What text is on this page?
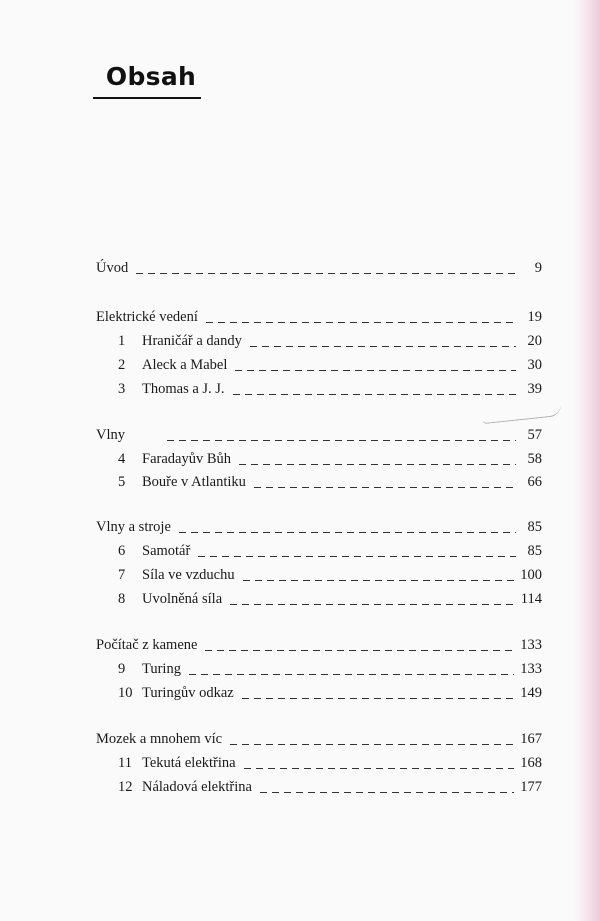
Obsah
Úvod	9
Elektrické vedení	19
1	Hraničář a dandy	20
2	Aleck a Mabel	30
3	Thomas a J. J.	39
Vlny	57
4	Faradayův Bůh	58
5	Bouře v Atlantiku	66
Vlny a stroje	85
6	Samotář	85
7	Síla ve vzduchu	100
8	Uvolněná síla	114
Počítač z kamene	133
9	Turing	133
10 Turingův odkaz	149
Mozek a mnohem víc	167
11 Tekutá elektřina	168
12 Náladová elektřina	177
